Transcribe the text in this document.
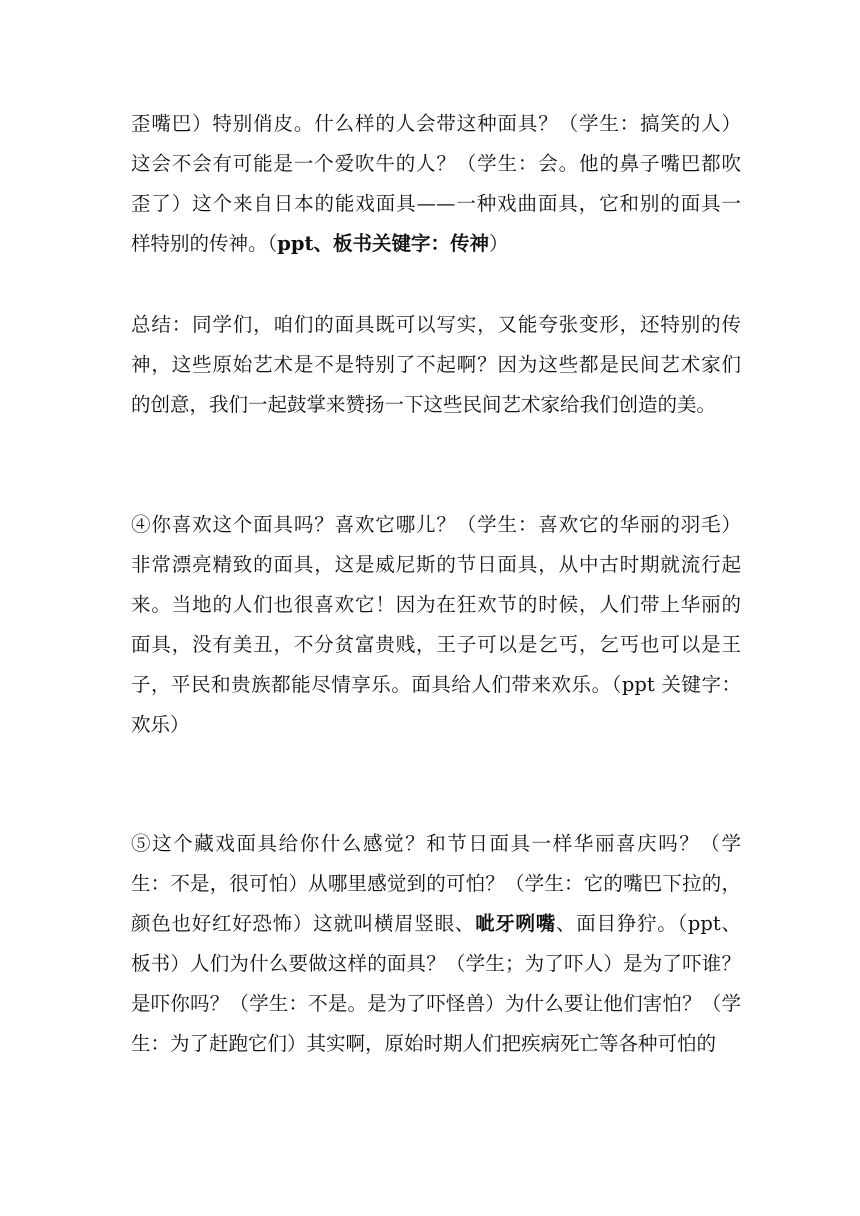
歪嘴巴）特别俏皮。什么样的人会带这种面具？（学生：搞笑的人）
这会不会有可能是一个爱吹牛的人？（学生：会。他的鼻子嘴巴都吹
歪了）这个来自日本的能戏面具——一种戏曲面具，它和别的面具一
样特别的传神。（ppt、板书关键字：传神）

总结：同学们，咱们的面具既可以写实，又能夸张变形，还特别的传
神，这些原始艺术是不是特别了不起啊？因为这些都是民间艺术家们
的创意，我们一起鼓掌来赞扬一下这些民间艺术家给我们创造的美。

④你喜欢这个面具吗？喜欢它哪儿？（学生：喜欢它的华丽的羽毛）
非常漂亮精致的面具，这是威尼斯的节日面具，从中古时期就流行起
来。当地的人们也很喜欢它！因为在狂欢节的时候，人们带上华丽的
面具，没有美丑，不分贫富贵贱，王子可以是乞丐，乞丐也可以是王
子，平民和贵族都能尽情享乐。面具给人们带来欢乐。（ppt 关键字：
欢乐）

⑤这个藏戏面具给你什么感觉？和节日面具一样华丽喜庆吗？（学
生：不是，很可怕）从哪里感觉到的可怕？（学生：它的嘴巴下拉的，
颜色也好红好恐怖）这就叫横眉竖眼、呲牙咧嘴、面目狰狞。（ppt、
板书）人们为什么要做这样的面具？（学生；为了吓人）是为了吓谁？
是吓你吗？（学生：不是。是为了吓怪兽）为什么要让他们害怕？（学
生：为了赶跑它们）其实啊，原始时期人们把疾病死亡等各种可怕的
